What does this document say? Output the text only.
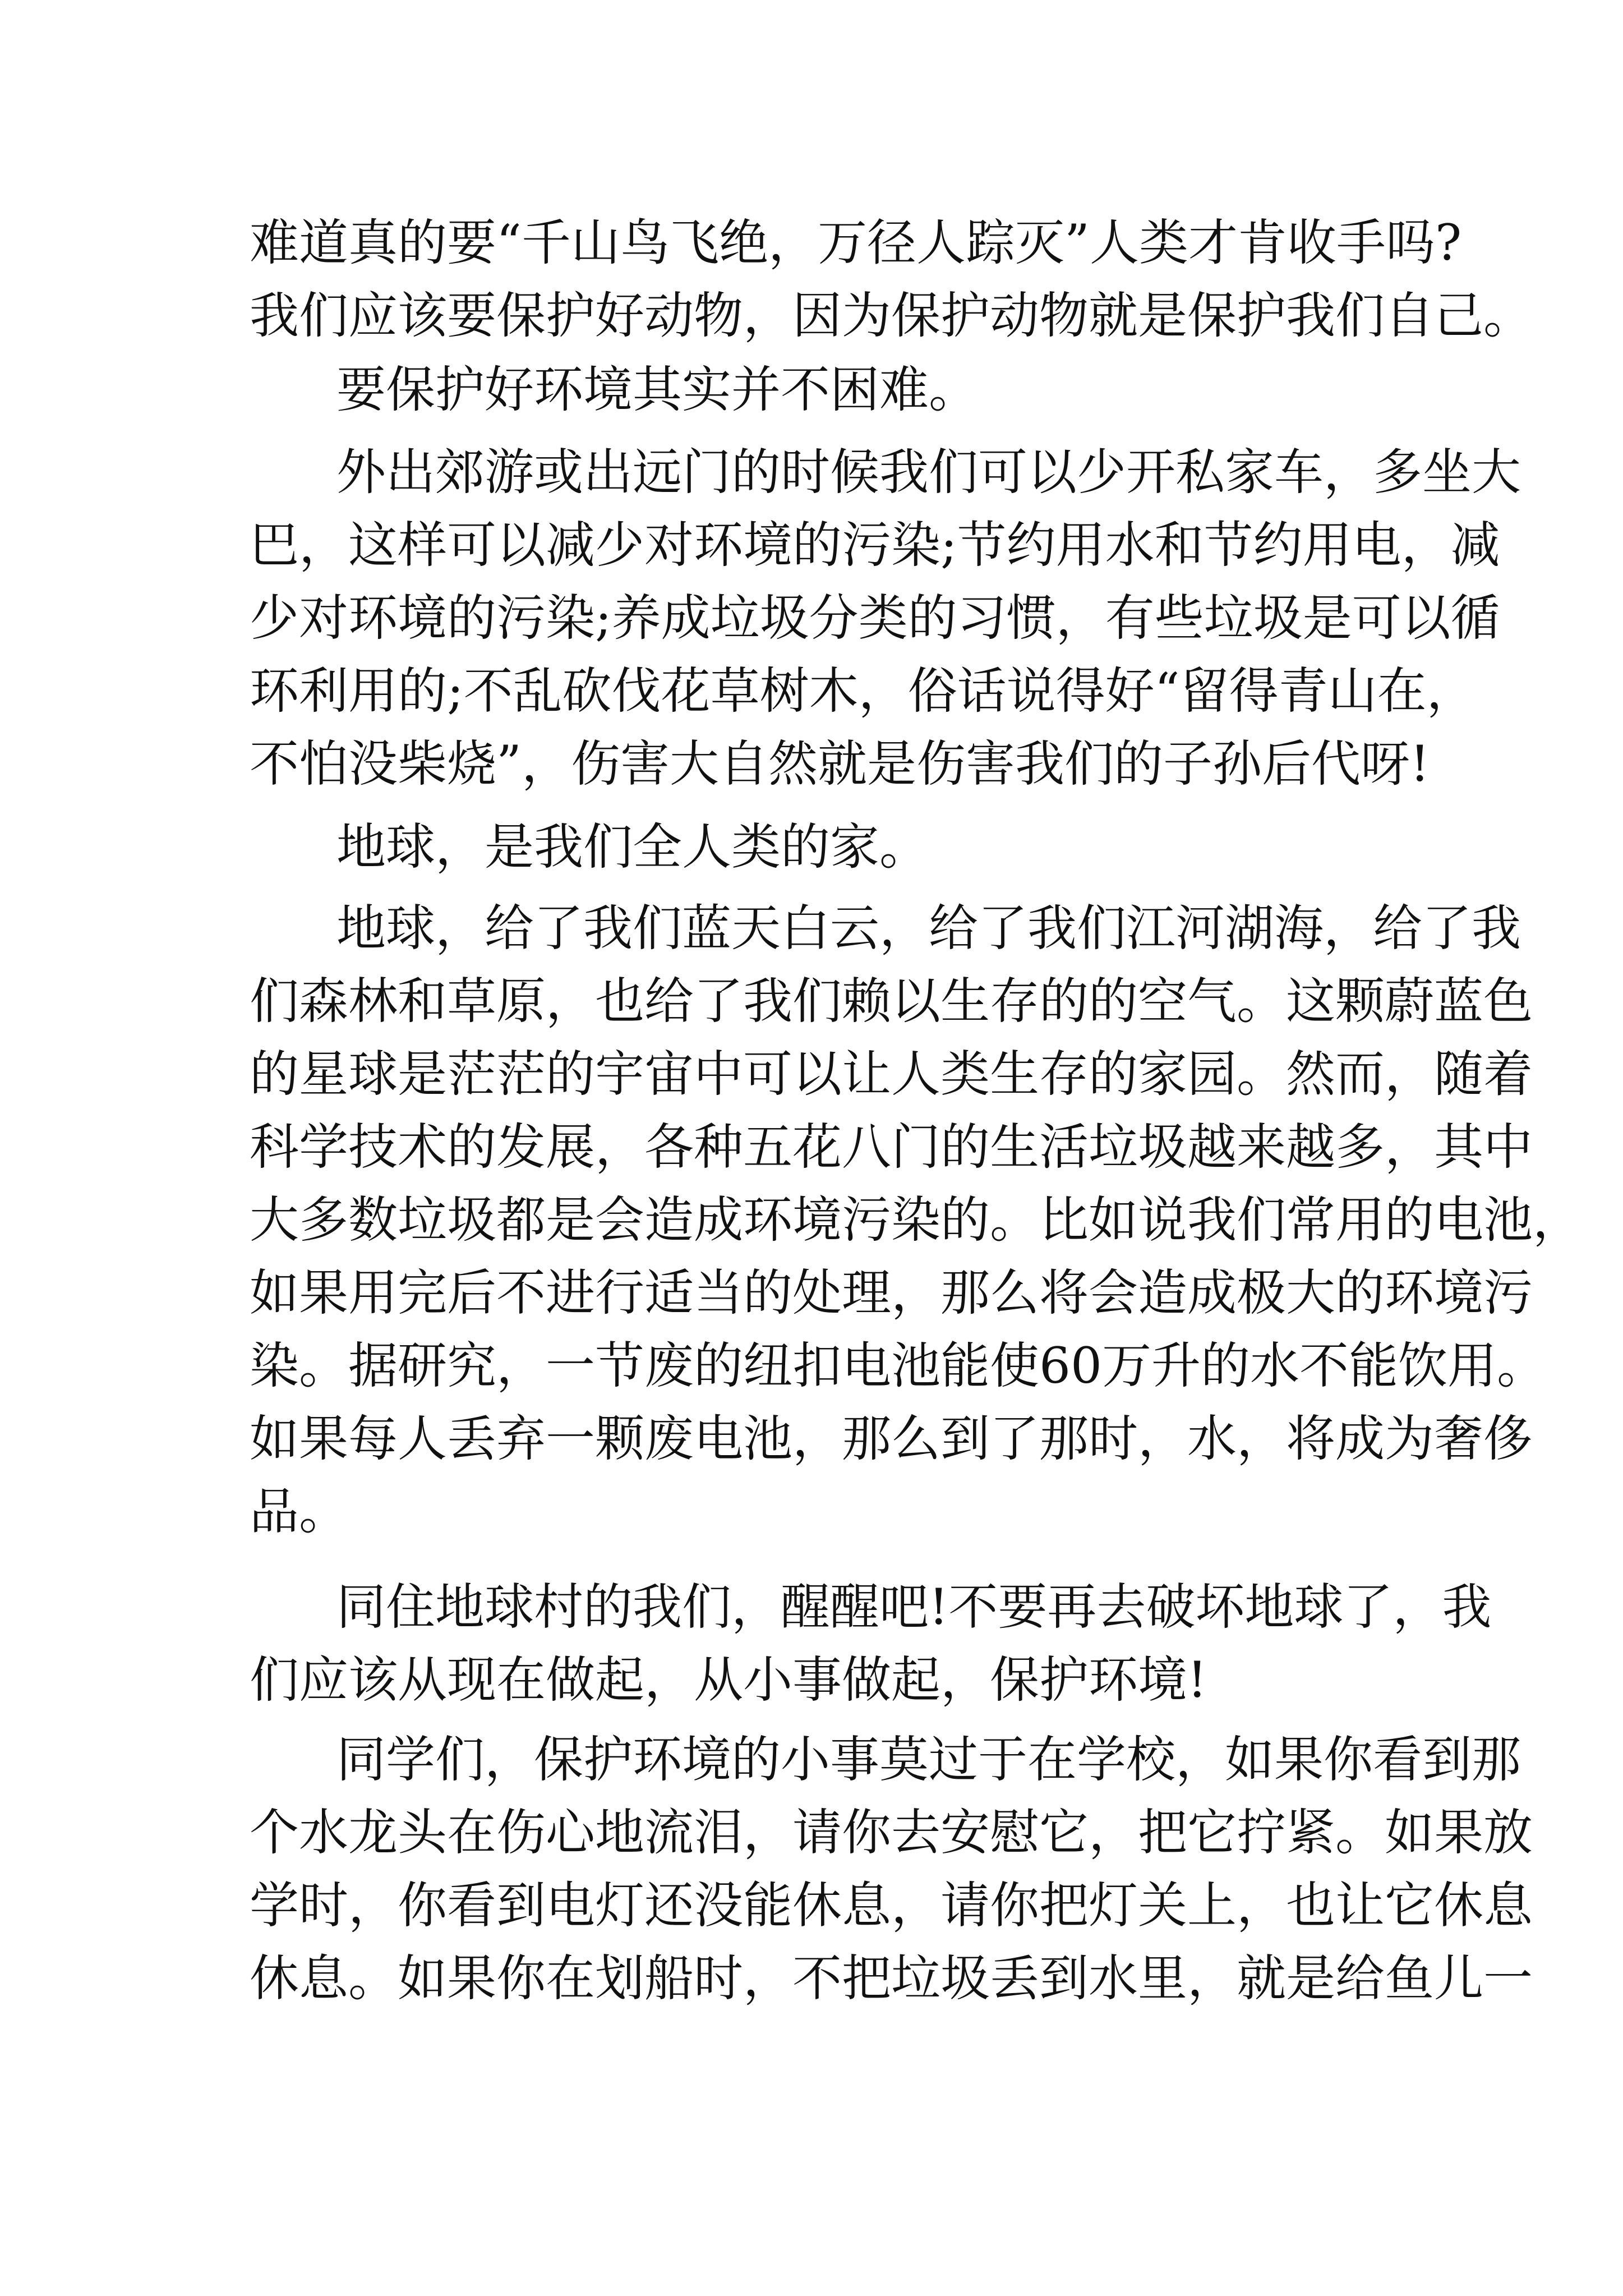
难道真的要“千山鸟飞绝，万径人踪灭”人类才肯收手吗?
我们应该要保护好动物，因为保护动物就是保护我们自己。
要保护好环境其实并不困难。
外出郊游或出远门的时候我们可以少开私家车，多坐大
巴，这样可以减少对环境的污染;节约用水和节约用电，减
少对环境的污染;养成垃圾分类的习惯，有些垃圾是可以循
环利用的;不乱砍伐花草树木，俗话说得好“留得青山在，
不怕没柴烧”，伤害大自然就是伤害我们的子孙后代呀!
地球，是我们全人类的家。
地球，给了我们蓝天白云，给了我们江河湖海，给了我
们森林和草原，也给了我们赖以生存的的空气。这颗蔚蓝色
的星球是茫茫的宇宙中可以让人类生存的家园。然而，随着
科学技术的发展，各种五花八门的生活垃圾越来越多，其中
大多数垃圾都是会造成环境污染的。比如说我们常用的电池，
如果用完后不进行适当的处理，那么将会造成极大的环境污
染。据研究，一节废的纽扣电池能使60万升的水不能饮用。
如果每人丢弃一颗废电池，那么到了那时，水，将成为奢侈
品。
同住地球村的我们，醒醒吧!不要再去破坏地球了，我
们应该从现在做起，从小事做起，保护环境!
同学们，保护环境的小事莫过于在学校，如果你看到那
个水龙头在伤心地流泪，请你去安慰它，把它拧紧。如果放
学时，你看到电灯还没能休息，请你把灯关上，也让它休息
休息。如果你在划船时，不把垃圾丢到水里，就是给鱼儿一
